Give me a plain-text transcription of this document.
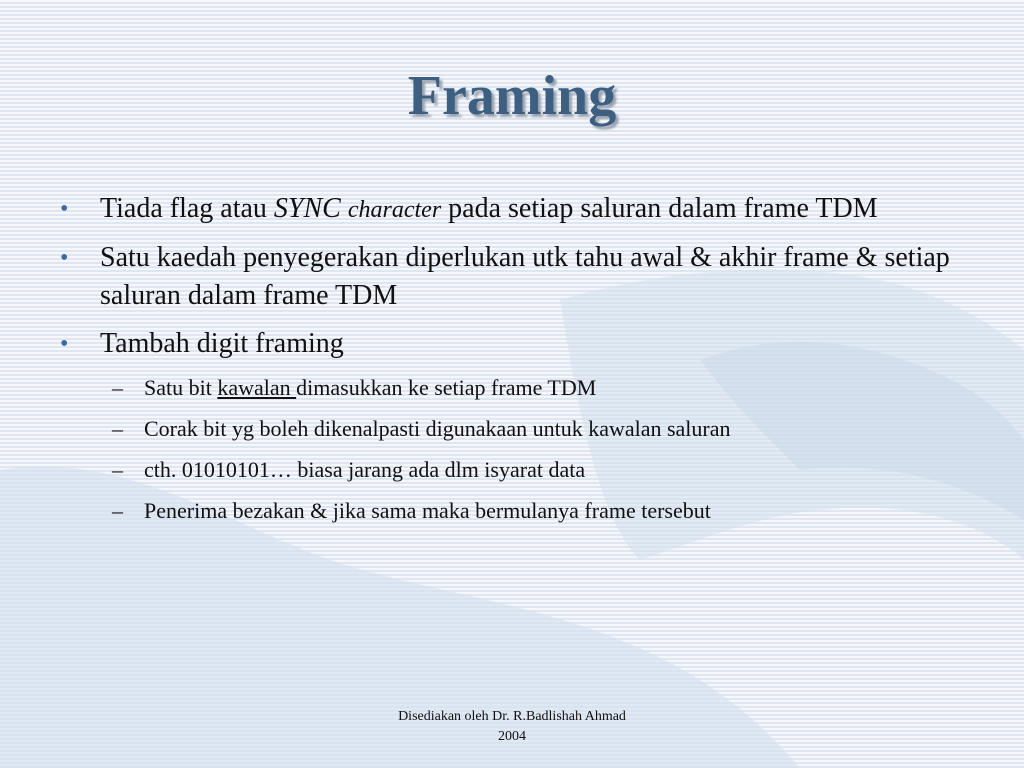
Framing
•	Tiada flag atau SYNC character pada setiap saluran dalam frame TDM
•	Satu kaedah penyegerakan diperlukan utk tahu awal & akhir frame & setiap saluran dalam frame TDM
•	Tambah digit framing
– Satu bit kawalan dimasukkan ke setiap frame TDM
– Corak bit yg boleh dikenalpasti digunakaan untuk kawalan saluran
– cth. 01010101… biasa jarang ada dlm isyarat data
– Penerima bezakan & jika sama maka bermulanya frame tersebut
Disediakan oleh Dr. R.Badlishah Ahmad
2004
